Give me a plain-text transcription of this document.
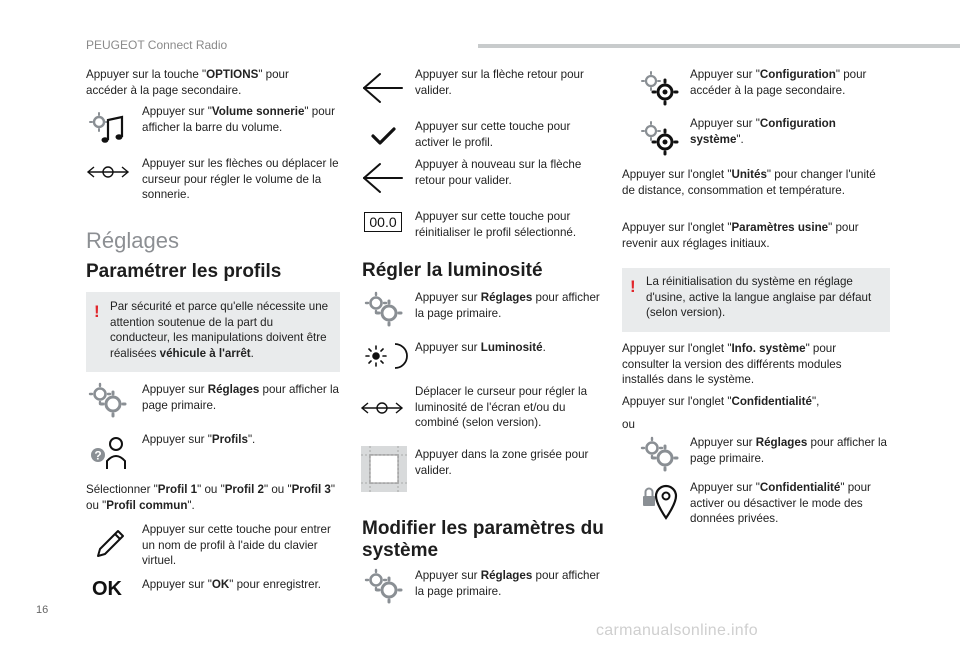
PEUGEOT Connect Radio
Appuyer sur la touche "OPTIONS" pour accéder à la page secondaire.
Appuyer sur "Volume sonnerie" pour afficher la barre du volume.
Appuyer sur les flèches ou déplacer le curseur pour régler le volume de la sonnerie.
Réglages
Paramétrer les profils
! Par sécurité et parce qu'elle nécessite une attention soutenue de la part du conducteur, les manipulations doivent être réalisées véhicule à l'arrêt.
Appuyer sur Réglages pour afficher la page primaire.
?
Appuyer sur "Profils".
Sélectionner "Profil 1" ou "Profil 2" ou "Profil 3" ou "Profil commun".
Appuyer sur cette touche pour entrer un nom de profil à l'aide du clavier virtuel.
OK Appuyer sur "OK" pour enregistrer.
Appuyer sur la flèche retour pour valider.
Appuyer sur cette touche pour activer le profil.
Appuyer à nouveau sur la flèche retour pour valider.
00.0	Appuyer sur cette touche pour réinitialiser le profil sélectionné.
Régler la luminosité
Appuyer sur Réglages pour afficher la page primaire.
Appuyer sur Luminosité.
Déplacer le curseur pour régler la luminosité de l'écran et/ou du combiné (selon version).
Appuyer dans la zone grisée pour valider.
Modifier les paramètres du système
Appuyer sur Réglages pour afficher la page primaire.
Appuyer sur "Configuration" pour accéder à la page secondaire.
Appuyer sur "Configuration système".
Appuyer sur l'onglet "Unités" pour changer l'unité de distance, consommation et température.
Appuyer sur l'onglet "Paramètres usine" pour revenir aux réglages initiaux.
! La réinitialisation du système en réglage d'usine, active la langue anglaise par défaut (selon version).
Appuyer sur l'onglet "Info. système" pour consulter la version des différents modules installés dans le système.
Appuyer sur l'onglet "Confidentialité",
ou
Appuyer sur Réglages pour afficher la page primaire.
Appuyer sur "Confidentialité" pour activer ou désactiver le mode des données privées.
16
carmanualsonline.info
